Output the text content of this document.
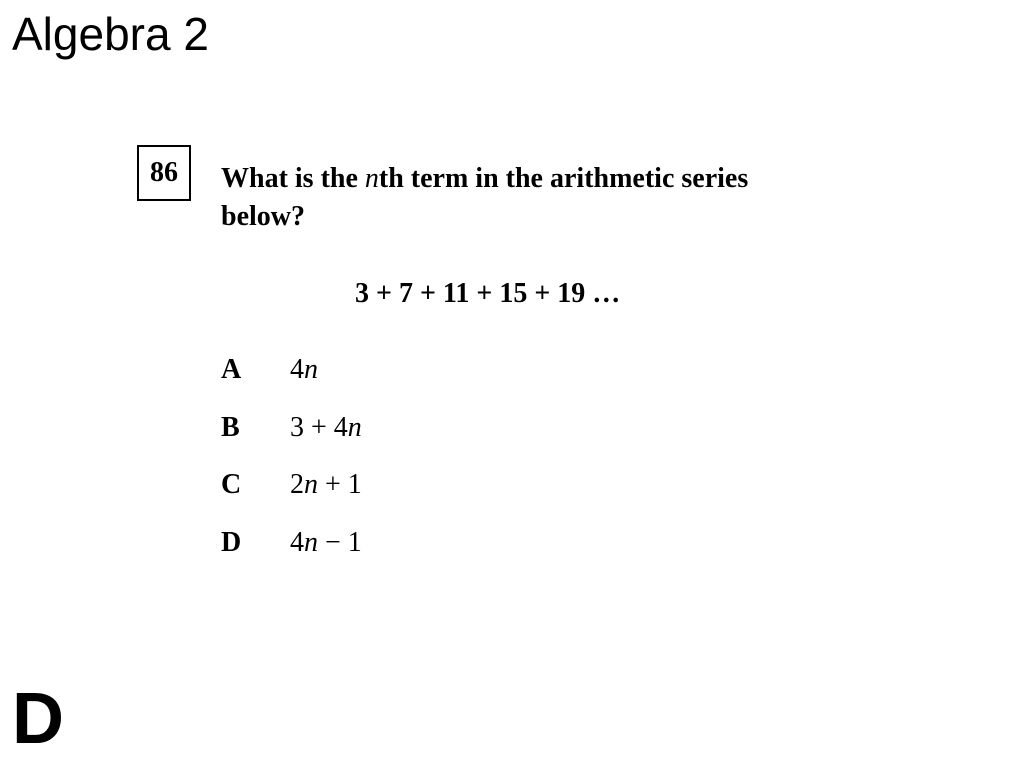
Algebra 2
86	What is the nth term in the arithmetic series below?
3 + 7 + 11 + 15 + 19 …
A 4n
B 3 + 4n
C 2n + 1
D 4n − 1
D
